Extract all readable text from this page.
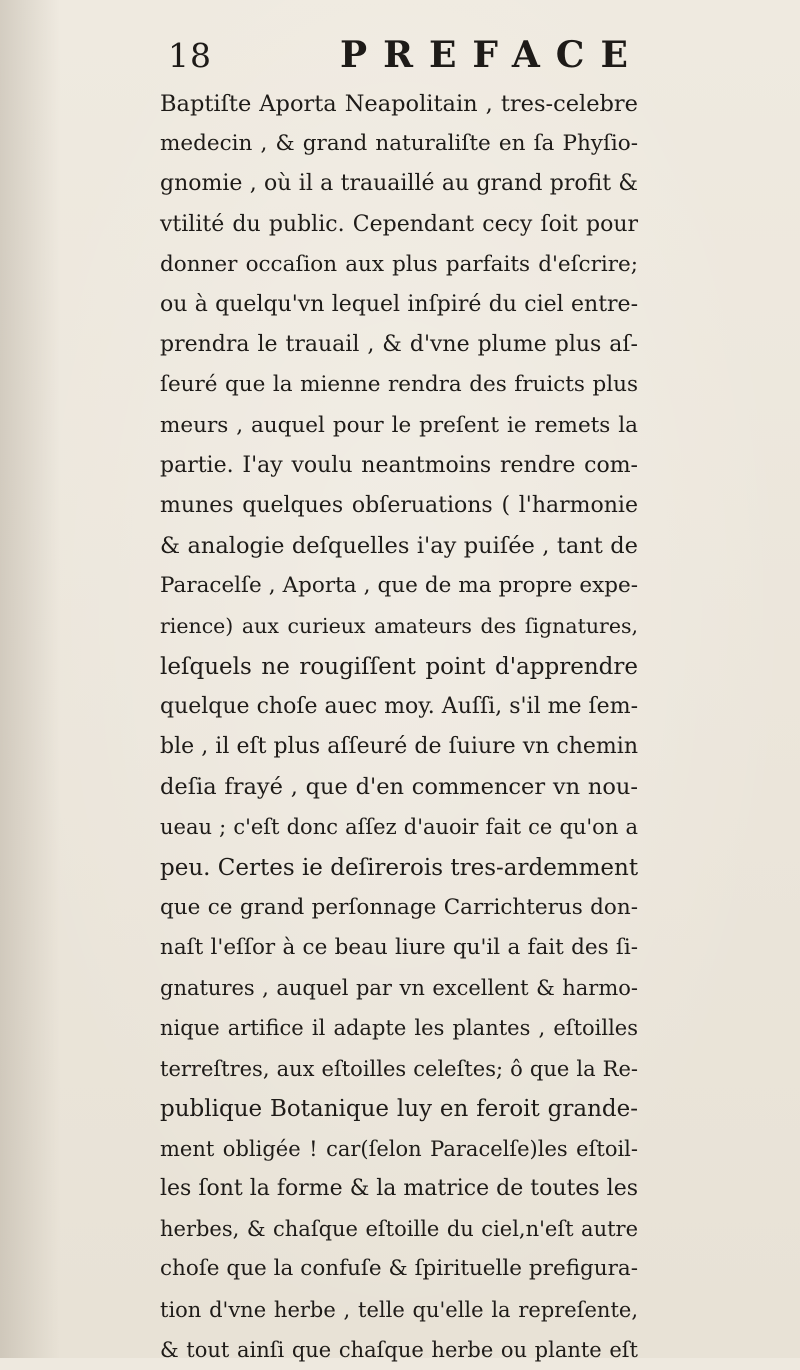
18	PREFACE
Baptiſte Aporta Neapolitain , tres-celebre
medecin , & grand naturaliſte en ſa Phyſio-
gnomie , où il a trauaillé au grand profit &
vtilité du public. Cependant cecy ſoit pour
donner occaſion aux plus parfaits d'eſcrire;
ou à quelqu'vn lequel inſpiré du ciel entre-
prendra le trauail , & d'vne plume plus aſ-
ſeuré que la mienne rendra des fruicts plus
meurs , auquel pour le preſent ie remets la
partie. I'ay voulu neantmoins rendre com-
munes quelques obſeruations ( l'harmonie
& analogie deſquelles i'ay puiſée , tant de
Paracelſe , Aporta , que de ma propre expe-
rience) aux curieux amateurs des ſignatures,
leſquels ne rougiſſent point d'apprendre
quelque choſe auec moy. Auſſi, s'il me ſem-
ble , il eſt plus aſſeuré de ſuiure vn chemin
deſia frayé , que d'en commencer vn nou-
ueau ; c'eſt donc aſſez d'auoir fait ce qu'on a
peu. Certes ie deſirerois tres-ardemment
que ce grand perſonnage Carrichterus don-
naſt l'eſſor à ce beau liure qu'il a fait des ſi-
gnatures , auquel par vn excellent & harmo-
nique artifice il adapte les plantes , eſtoilles
terreſtres, aux eſtoilles celeſtes; ô que la Re-
publique Botanique luy en feroit grande-
ment obligée ! car(ſelon Paracelſe)les eſtoil-
les ſont la forme & la matrice de toutes les
herbes, & chaſque eſtoille du ciel,n'eſt autre
choſe que la confuſe & ſpirituelle prefigura-
tion d'vne herbe , telle qu'elle la repreſente,
& tout ainſi que chaſque herbe ou plante eſt
